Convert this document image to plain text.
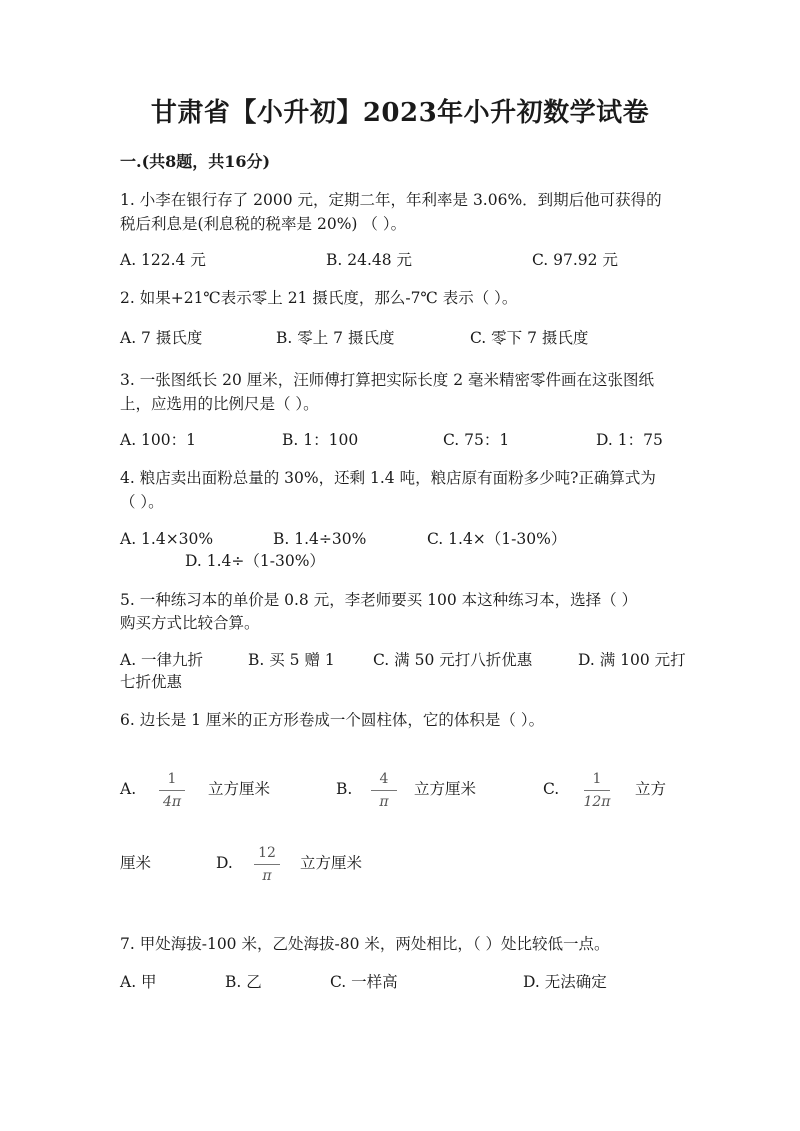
甘肃省【小升初】2023年小升初数学试卷
一.(共8题，共16分)
1. 小李在银行存了 2000 元，定期二年，年利率是 3.06%．到期后他可获得的
税后利息是(利息税的税率是 20%) （ ）。
A. 122.4 元	B. 24.48 元	C. 97.92 元
2. 如果+21℃表示零上 21 摄氏度，那么-7℃ 表示（ ）。
A. 7 摄氏度	B. 零上 7 摄氏度	C. 零下 7 摄氏度
3. 一张图纸长 20 厘米，汪师傅打算把实际长度 2 毫米精密零件画在这张图纸
上，应选用的比例尺是（ ）。
A. 100：1	B. 1：100	C. 75：1	D. 1：75
4. 粮店卖出面粉总量的 30%，还剩 1.4 吨，粮店原有面粉多少吨?正确算式为
（ ）。
A. 1.4×30%	B. 1.4÷30%	C. 1.4×（1-30%）
D. 1.4÷（1-30%）
5. 一种练习本的单价是 0.8 元，李老师要买 100 本这种练习本，选择（ ）
购买方式比较合算。
A. 一律九折	B. 买 5 赠 1 C. 满 50 元打八折优惠	D. 满 100 元打
七折优惠
6. 边长是 1 厘米的正方形卷成一个圆柱体，它的体积是（ ）。
A.
1
4π
立方厘米	B.
4
π
立方厘米	C.
1
12π
立方
厘米	D.
12
π
立方厘米
7. 甲处海拔-100 米，乙处海拔-80 米，两处相比，（ ）处比较低一点。
A. 甲	B. 乙	C. 一样高	D. 无法确定
